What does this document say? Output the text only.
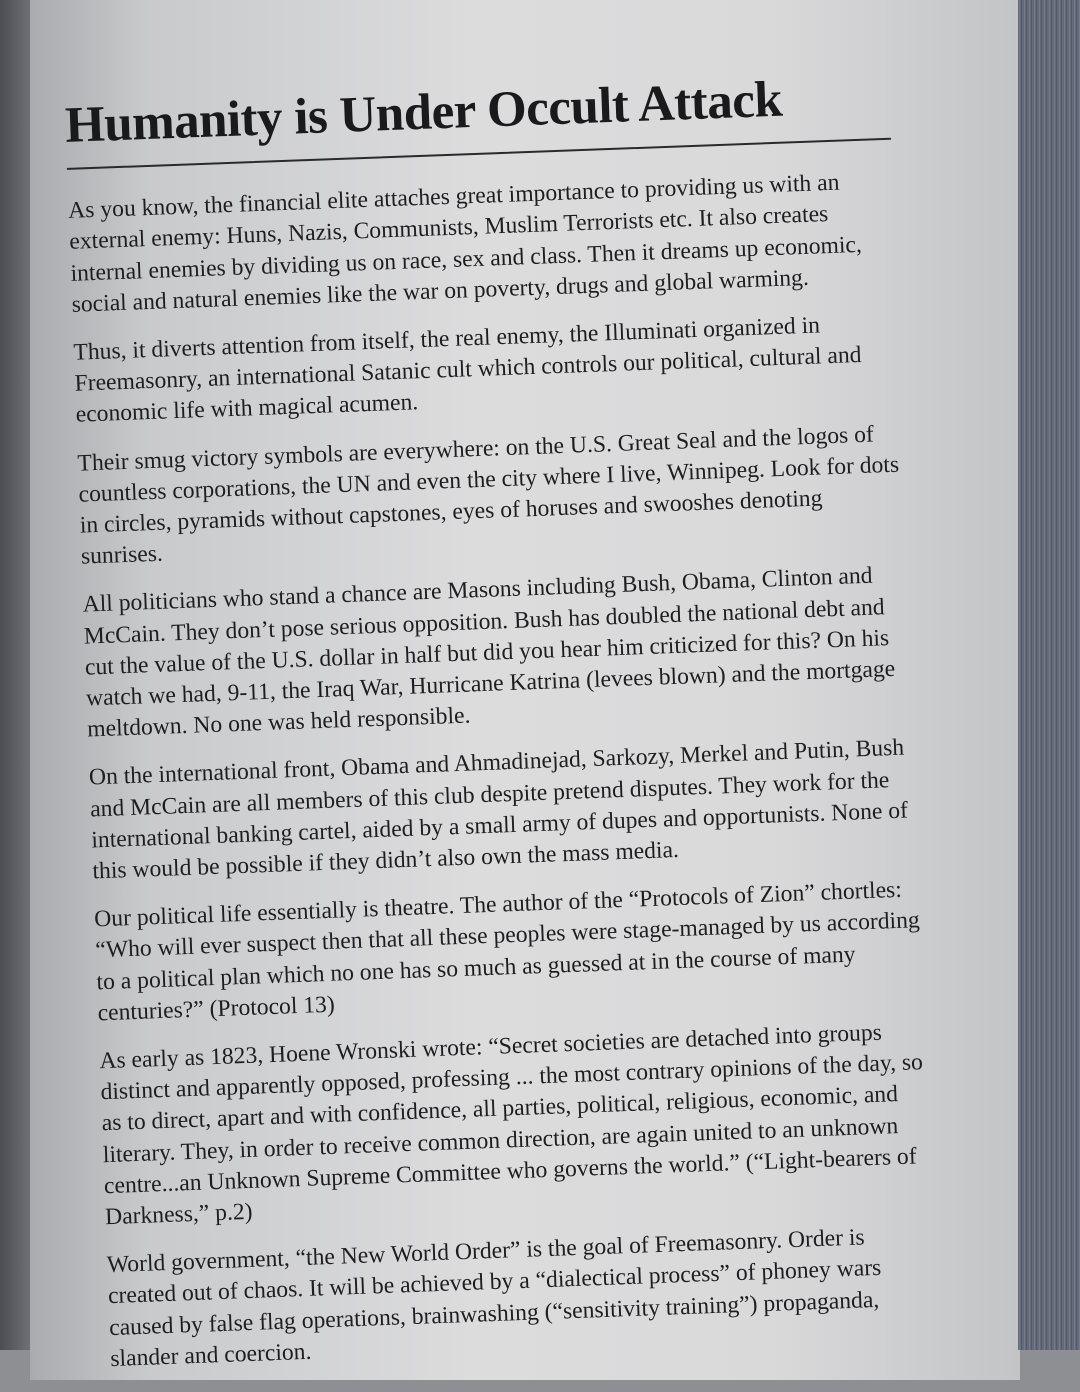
Humanity is Under Occult Attack

As you know, the financial elite attaches great importance to providing us with an external enemy: Huns, Nazis, Communists, Muslim Terrorists etc. It also creates internal enemies by dividing us on race, sex and class. Then it dreams up economic, social and natural enemies like the war on poverty, drugs and global warming.

Thus, it diverts attention from itself, the real enemy, the Illuminati organized in Freemasonry, an international Satanic cult which controls our political, cultural and economic life with magical acumen.

Their smug victory symbols are everywhere: on the U.S. Great Seal and the logos of countless corporations, the UN and even the city where I live, Winnipeg. Look for dots in circles, pyramids without capstones, eyes of horuses and swooshes denoting sunrises.

All politicians who stand a chance are Masons including Bush, Obama, Clinton and McCain. They don’t pose serious opposition. Bush has doubled the national debt and cut the value of the U.S. dollar in half but did you hear him criticized for this? On his watch we had, 9-11, the Iraq War, Hurricane Katrina (levees blown) and the mortgage meltdown. No one was held responsible.

On the international front, Obama and Ahmadinejad, Sarkozy, Merkel and Putin, Bush and McCain are all members of this club despite pretend disputes. They work for the international banking cartel, aided by a small army of dupes and opportunists. None of this would be possible if they didn’t also own the mass media.

Our political life essentially is theatre. The author of the “Protocols of Zion” chortles: “Who will ever suspect then that all these peoples were stage-managed by us according to a political plan which no one has so much as guessed at in the course of many centuries?” (Protocol 13)

As early as 1823, Hoene Wronski wrote: “Secret societies are detached into groups distinct and apparently opposed, professing ... the most contrary opinions of the day, so as to direct, apart and with confidence, all parties, political, religious, economic, and literary. They, in order to receive common direction, are again united to an unknown centre...an Unknown Supreme Committee who governs the world.” (“Light-bearers of Darkness,” p.2)

World government, “the New World Order” is the goal of Freemasonry. Order is created out of chaos. It will be achieved by a “dialectical process” of phoney wars caused by false flag operations, brainwashing (“sensitivity training”) propaganda, slander and coercion.
